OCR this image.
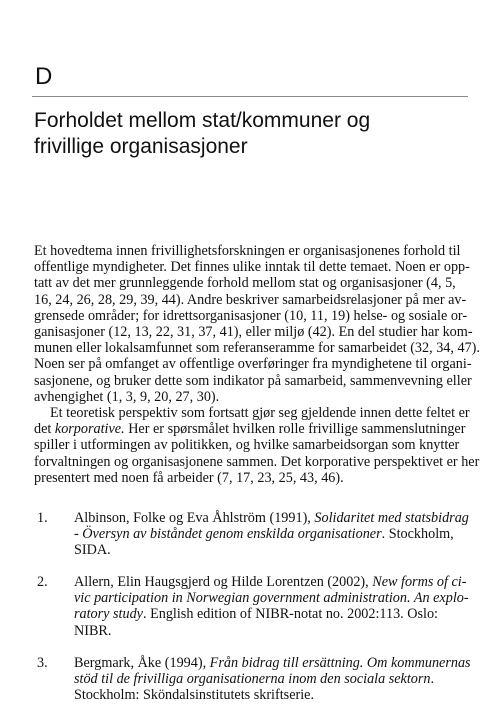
D
Forholdet mellom stat/kommuner og
frivillige organisasjoner
Et hovedtema innen frivillighetsforskningen er organisasjonenes forhold til
offentlige myndigheter. Det finnes ulike inntak til dette temaet. Noen er opp-
tatt av det mer grunnleggende forhold mellom stat og organisasjoner (4, 5,
16, 24, 26, 28, 29, 39, 44). Andre beskriver samarbeidsrelasjoner på mer av-
grensede områder; for idrettsorganisasjoner (10, 11, 19) helse- og sosiale or-
ganisasjoner (12, 13, 22, 31, 37, 41), eller miljø (42). En del studier har kom-
munen eller lokalsamfunnet som referanseramme for samarbeidet (32, 34, 47).
Noen ser på omfanget av offentlige overføringer fra myndighetene til organi-
sasjonene, og bruker dette som indikator på samarbeid, sammenvevning eller
avhengighet (1, 3, 9, 20, 27, 30).
Et teoretisk perspektiv som fortsatt gjør seg gjeldende innen dette feltet er
det korporative. Her er spørsmålet hvilken rolle frivillige sammenslutninger
spiller i utformingen av politikken, og hvilke samarbeidsorgan som knytter
forvaltningen og organisasjonene sammen. Det korporative perspektivet er her
presentert med noen få arbeider (7, 17, 23, 25, 43, 46).
1. Albinson, Folke og Eva Åhlström (1991), Solidaritet med statsbidrag
- Översyn av biståndet genom enskilda organisationer. Stockholm,
SIDA.
2. Allern, Elin Haugsgjerd og Hilde Lorentzen (2002), New forms of ci-
vic participation in Norwegian government administration. An explo-
ratory study. English edition of NIBR-notat no. 2002:113. Oslo:
NIBR.
3. Bergmark, Åke (1994), Från bidrag till ersättning. Om kommunernas
stöd til de frivilliga organisationerna inom den sociala sektorn.
Stockholm: Sköndalsinstitutets skriftserie.
